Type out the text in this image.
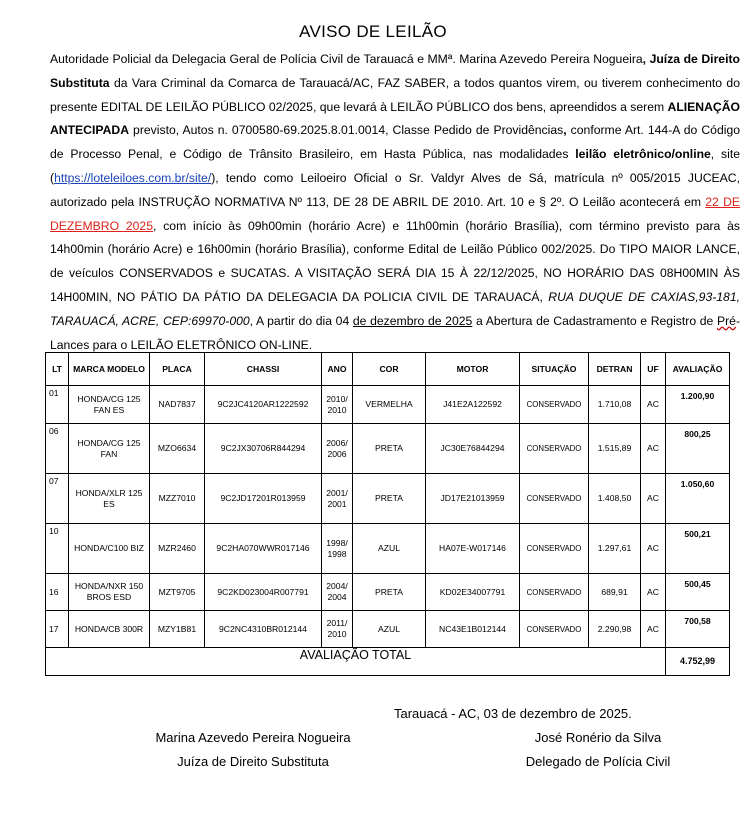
AVISO DE LEILÃO
Autoridade Policial da Delegacia Geral de Polícia Civil de Tarauacá e MMª. Marina Azevedo Pereira Nogueira, Juíza de Direito Substituta da Vara Criminal da Comarca de Tarauacá/AC, FAZ SABER, a todos quantos virem, ou tiverem conhecimento do presente EDITAL DE LEILÃO PÚBLICO 02/2025, que levará à LEILÃO PÚBLICO dos bens, apreendidos a serem ALIENAÇÃO ANTECIPADA previsto, Autos n. 0700580-69.2025.8.01.0014, Classe Pedido de Providências, conforme Art. 144-A do Código de Processo Penal, e Código de Trânsito Brasileiro, em Hasta Pública, nas modalidades leilão eletrônico/online, site (https://loteleiloes.com.br/site/), tendo como Leiloeiro Oficial o Sr. Valdyr Alves de Sá, matrícula nº 005/2015 JUCEAC, autorizado pela INSTRUÇÃO NORMATIVA Nº 113, DE 28 DE ABRIL DE 2010. Art. 10 e § 2º. O Leilão acontecerá em 22 DE DEZEMBRO 2025, com início às 09h00min (horário Acre) e 11h00min (horário Brasília), com término previsto para às 14h00min (horário Acre) e 16h00min (horário Brasília), conforme Edital de Leilão Público 002/2025. Do TIPO MAIOR LANCE, de veículos CONSERVADOS e SUCATAS. A VISITAÇÃO SERÁ DIA 15 À 22/12/2025, NO HORÁRIO DAS 08H00MIN ÀS 14H00MIN, NO PÁTIO DA PÁTIO DA DELEGACIA DA POLICIA CIVIL DE TARAUACÁ, RUA DUQUE DE CAXIAS,93-181, TARAUACÁ, ACRE, CEP:69970-000, A partir do dia 04 de dezembro de 2025 a Abertura de Cadastramento e Registro de Pré-Lances para o LEILÃO ELETRÔNICO ON-LINE.
LT	MARCA MODELO	PLACA	CHASSI	ANO	COR	MOTOR	SITUAÇÃO	DETRAN	UF	AVALIAÇÃO
01	HONDA/CG 125 FAN ES	NAD7837	9C2JC4120AR1222592	2010/ 2010	VERMELHA	J41E2A122592	CONSERVADO	1.710,08	AC	1.200,90
06	HONDA/CG 125 FAN	MZO6634	9C2JX30706R844294	2006/ 2006	PRETA	JC30E76844294	CONSERVADO	1.515,89	AC	800,25
07	HONDA/XLR 125 ES	MZZ7010	9C2JD17201R013959	2001/ 2001	PRETA	JD17E21013959	CONSERVADO	1.408,50	AC	1.050,60
10	HONDA/C100 BIZ	MZR2460	9C2HA070WWR017146	1998/ 1998	AZUL	HA07E-W017146	CONSERVADO	1.297,61	AC	500,21
16	HONDA/NXR 150 BROS ESD	MZT9705	9C2KD023004R007791	2004/ 2004	PRETA	KD02E34007791	CONSERVADO	689,91	AC	500,45
17	HONDA/CB 300R	MZY1B81	9C2NC4310BR012144	2011/ 2010	AZUL	NC43E1B012144	CONSERVADO	2.290,98	AC	700,58
AVALIAÇÃO TOTAL										4.752,99
Tarauacá - AC, 03 de dezembro de 2025.
Marina Azevedo Pereira Nogueira
Juíza de Direito Substituta
José Ronério da Silva
Delegado de Polícia Civil
